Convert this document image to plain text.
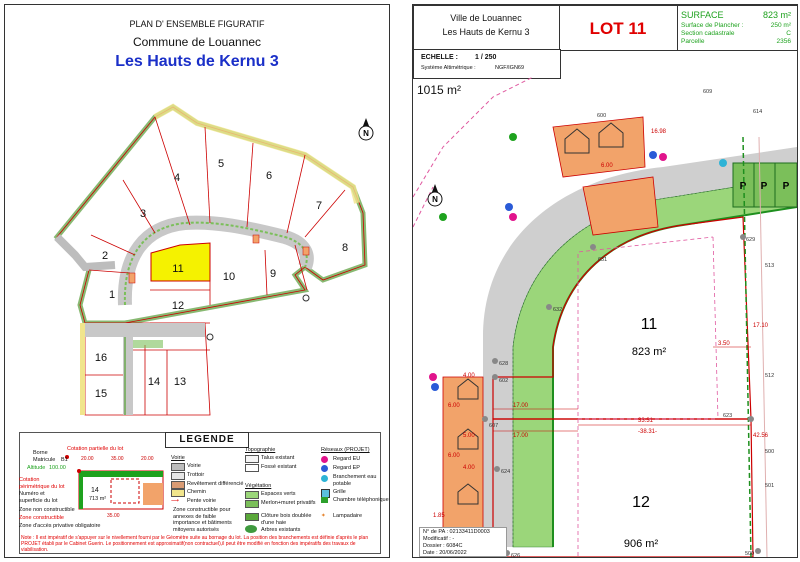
PLAN D' ENSEMBLE FIGURATIF
Commune de Louannec
Les Hauts de Kernu 3
1
2
3
4
5
6
7
8
9
10
11
12
13
14
15
16
N
LEGENDE
20.00	35.00	20.00
35.00
14
713 m²
Borne
Matricule B1
Altitude 100.00
Cotation partielle du lot
Cotation périmétrique du lot
Numéro et superficie du lot
Zone non constructible
Zone constructible
Zone d'accès privative obligatoire
Zone constructible pour annexes de faible importance et bâtiments mitoyens autorisés
Voirie
Voirie
Trottoir
Revêtement différencié
Chemin
⟶ Pente voirie
Topographie
Talus existant
Fossé existant
Végétation
Espaces verts
Merlon+muret privatifs
Clôture bois doublée d'une haie
Arbres existants
Réseaux (PROJET)
Regard EU
Regard EP
Branchement eau potable
Grille
Chambre téléphonique
✶ Lampadaire
Note : Il est impératif de s'appuyer sur le nivellement fourni par le Géomètre suite au bornage du lot. La position des branchements est définie d'après le plan PROJET établi par le Cabinet Guerin. Le positionnement est approximatif(non contractuel),il peut être modifié en fonction des impératifs des travaux de viabilisation.
Ville de Louannec
Les Hauts de Kernu 3	LOT 11
SURFACE	823 m²
Surface de Plancher :	250 m²
Section cadastrale	C
Parcelle	2356
ECHELLE : 1 / 250
Système Altimétrique :	NGF/IGN69
P P P
17.00
17.00
33.31
-38.31-
5.00
4.00
4.00
6.00
6.00
3.50
16.98
6.00
1.85
42.56
17.10
631
632
629
628
602
607
623
624
626	500
600
609
614
512
513
500
501
11
823 m²
12
906 m²
N
1015 m²
N° de PA : 02133411D0003
Modificatif : -
Dossier : 6084C
Date : 20/06/2022
